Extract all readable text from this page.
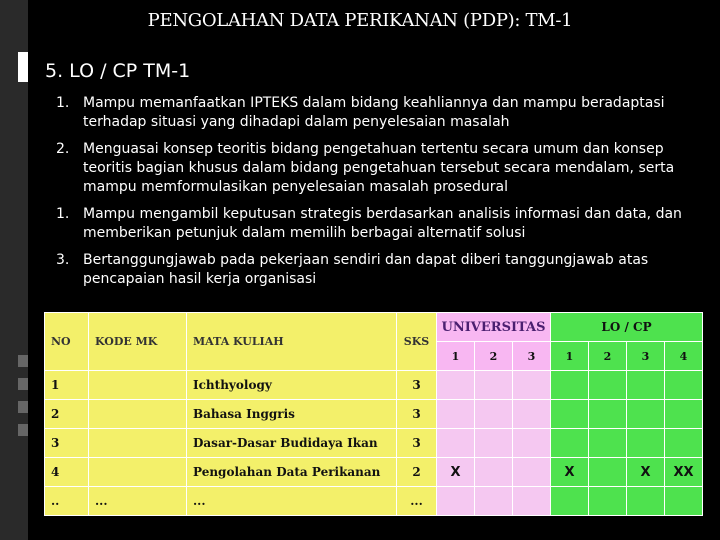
PENGOLAHAN DATA PERIKANAN (PDP): TM-1
5. LO / CP TM-1
1. Mampu memanfaatkan IPTEKS dalam bidang keahliannya dan mampu beradaptasi terhadap situasi yang dihadapi dalam penyelesaian masalah
2. Menguasai konsep teoritis bidang pengetahuan tertentu secara umum dan konsep teoritis bagian khusus dalam bidang pengetahuan tersebut secara mendalam, serta mampu memformulasikan penyelesaian masalah prosedural
1. Mampu mengambil keputusan strategis berdasarkan analisis informasi dan data, dan memberikan petunjuk dalam memilih berbagai alternatif solusi
3. Bertanggungjawab pada pekerjaan sendiri dan dapat diberi tanggungjawab atas pencapaian hasil kerja organisasi
NO	KODE MK	MATA KULIAH	SKS	UNIVERSITAS			LO / CP			
				1	2	3	1	2	3	4
1		Ichthyology	3							
2		Bahasa Inggris	3							
3		Dasar-Dasar Budidaya Ikan	3							
4		Pengolahan Data Perikanan	2	X			X		X	XX
..	...	...	...							
